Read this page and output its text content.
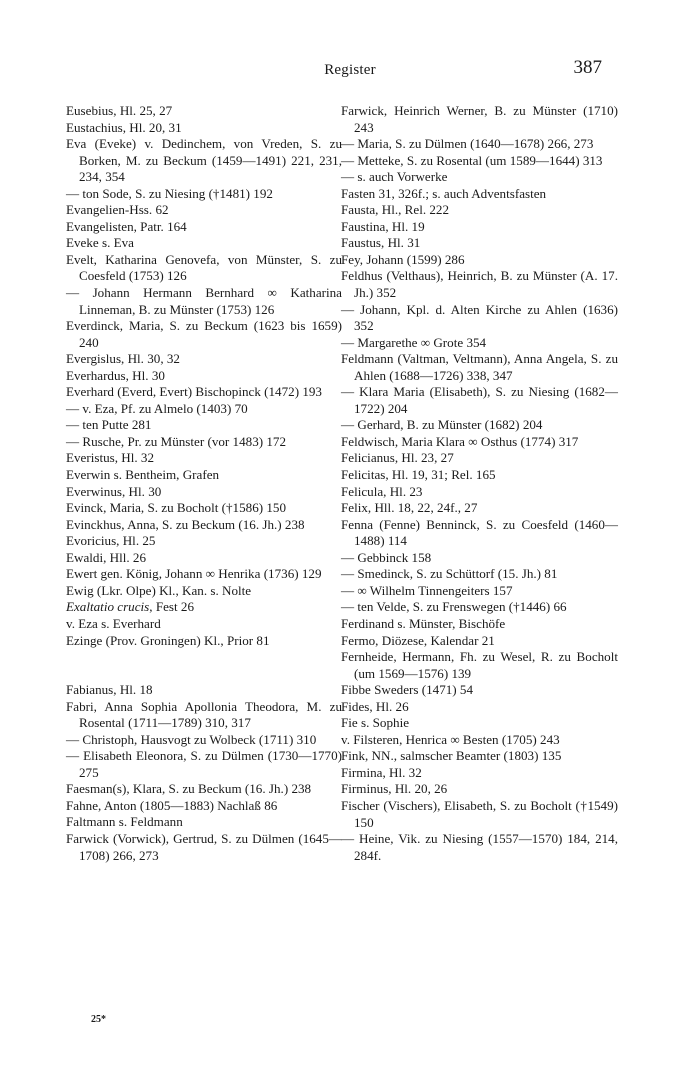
Register	387
Eusebius, Hl. 25, 27
Eustachius, Hl. 20, 31
Eva (Eveke) v. Dedinchem, von Vreden, S. zu Borken, M. zu Beckum (1459—1491) 221, 231, 234, 354
— ton Sode, S. zu Niesing (†1481) 192
Evangelien-Hss. 62
Evangelisten, Patr. 164
Eveke s. Eva
Evelt, Katharina Genovefa, von Münster, S. zu Coesfeld (1753) 126
— Johann Hermann Bernhard ∞ Katharina Linneman, B. zu Münster (1753) 126
Everdinck, Maria, S. zu Beckum (1623 bis 1659) 240
Evergislus, Hl. 30, 32
Everhardus, Hl. 30
Everhard (Everd, Evert) Bischopinck (1472) 193
— v. Eza, Pf. zu Almelo (1403) 70
— ten Putte 281
— Rusche, Pr. zu Münster (vor 1483) 172
Everistus, Hl. 32
Everwin s. Bentheim, Grafen
Everwinus, Hl. 30
Evinck, Maria, S. zu Bocholt (†1586) 150
Evinckhus, Anna, S. zu Beckum (16. Jh.) 238
Evoricius, Hl. 25
Ewaldi, Hll. 26
Ewert gen. König, Johann ∞ Henrika (1736) 129
Ewig (Lkr. Olpe) Kl., Kan. s. Nolte
Exaltatio crucis, Fest 26
v. Eza s. Everhard
Ezinge (Prov. Groningen) Kl., Prior 81
Fabianus, Hl. 18
Fabri, Anna Sophia Apollonia Theodora, M. zu Rosental (1711—1789) 310, 317
— Christoph, Hausvogt zu Wolbeck (1711) 310
— Elisabeth Eleonora, S. zu Dülmen (1730—1770) 275
Faesman(s), Klara, S. zu Beckum (16. Jh.) 238
Fahne, Anton (1805—1883) Nachlaß 86
Faltmann s. Feldmann
Farwick (Vorwick), Gertrud, S. zu Dülmen (1645—1708) 266, 273
Farwick, Heinrich Werner, B. zu Münster (1710) 243
— Maria, S. zu Dülmen (1640—1678) 266, 273
— Metteke, S. zu Rosental (um 1589—1644) 313
— s. auch Vorwerke
Fasten 31, 326f.; s. auch Adventsfasten
Fausta, Hl., Rel. 222
Faustina, Hl. 19
Faustus, Hl. 31
Fey, Johann (1599) 286
Feldhus (Velthaus), Heinrich, B. zu Münster (A. 17. Jh.) 352
— Johann, Kpl. d. Alten Kirche zu Ahlen (1636) 352
— Margarethe ∞ Grote 354
Feldmann (Valtman, Veltmann), Anna Angela, S. zu Ahlen (1688—1726) 338, 347
— Klara Maria (Elisabeth), S. zu Niesing (1682—1722) 204
— Gerhard, B. zu Münster (1682) 204
Feldwisch, Maria Klara ∞ Osthus (1774) 317
Felicianus, Hl. 23, 27
Felicitas, Hl. 19, 31; Rel. 165
Felicula, Hl. 23
Felix, Hll. 18, 22, 24f., 27
Fenna (Fenne) Benninck, S. zu Coesfeld (1460—1488) 114
— Gebbinck 158
— Smedinck, S. zu Schüttorf (15. Jh.) 81
— ∞ Wilhelm Tinnengeiters 157
— ten Velde, S. zu Frenswegen (†1446) 66
Ferdinand s. Münster, Bischöfe
Fermo, Diözese, Kalendar 21
Fernheide, Hermann, Fh. zu Wesel, R. zu Bocholt (um 1569—1576) 139
Fibbe Sweders (1471) 54
Fides, Hl. 26
Fie s. Sophie
v. Filsteren, Henrica ∞ Besten (1705) 243
Fink, NN., salmscher Beamter (1803) 135
Firmina, Hl. 32
Firminus, Hl. 20, 26
Fischer (Vischers), Elisabeth, S. zu Bocholt (†1549) 150
— Heine, Vik. zu Niesing (1557—1570) 184, 214, 284f.
25*
